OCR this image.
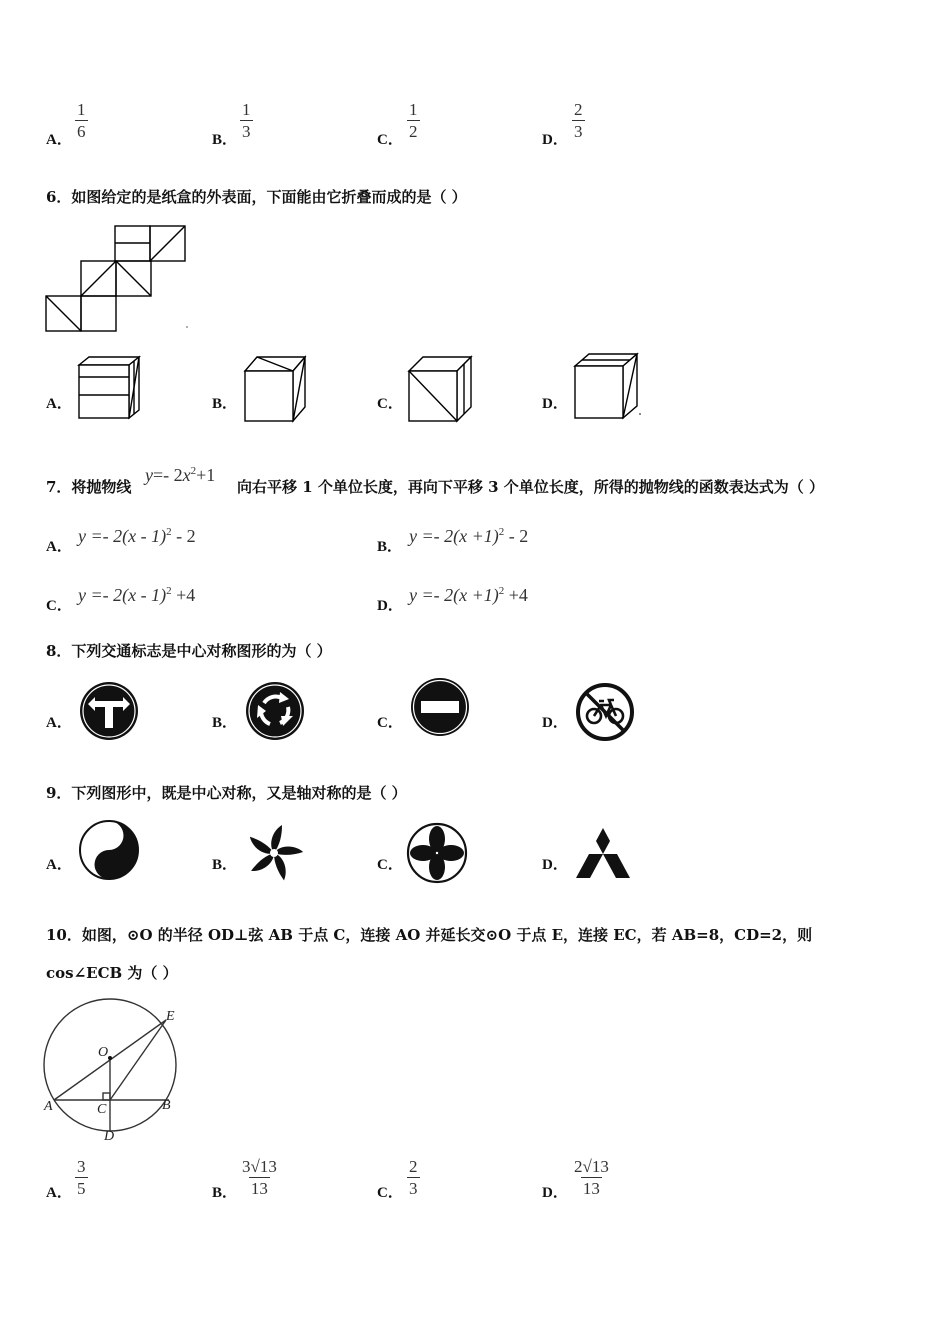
A． $\frac{1}{6}$	B． $\frac{1}{3}$	C． $\frac{1}{2}$	D． $\frac{2}{3}$
6．如图给定的是纸盒的外表面，下面能由它折叠而成的是（ ）
A．	B．	C．	D．
7．将抛物线
y=- $2x^2+1$
向右平移 1 个单位长度，再向下平移 3 个单位长度，所得的抛物线的函数表达式为（ ）
A．
y =- 2(x - 1)$^2$ - 2
B．
$y =- 2(x +1)^2 - 2$
C．
y =- 2(x - 1)$^2$ +4
D．
$y =- 2(x +1)^2 +4$
8．下列交通标志是中心对称图形的为（ ）
A．	B．	C．	D．
9．下列图形中，既是中心对称，又是轴对称的是（ ）
A．	B．	C．	D．
10．如图，⊙O 的半径 OD⊥弦 AB 于点 C，连接 AO 并延长交⊙O 于点 E，连接 EC，若 AB=8，CD=2，则
cos∠ECB 为（ ）
E
O
A	C	B
D
A． $\frac{3}{5}$	B． $\frac{3√13}{13}$	C． $\frac{2}{3}$	D． $\frac{2√13}{13}$
